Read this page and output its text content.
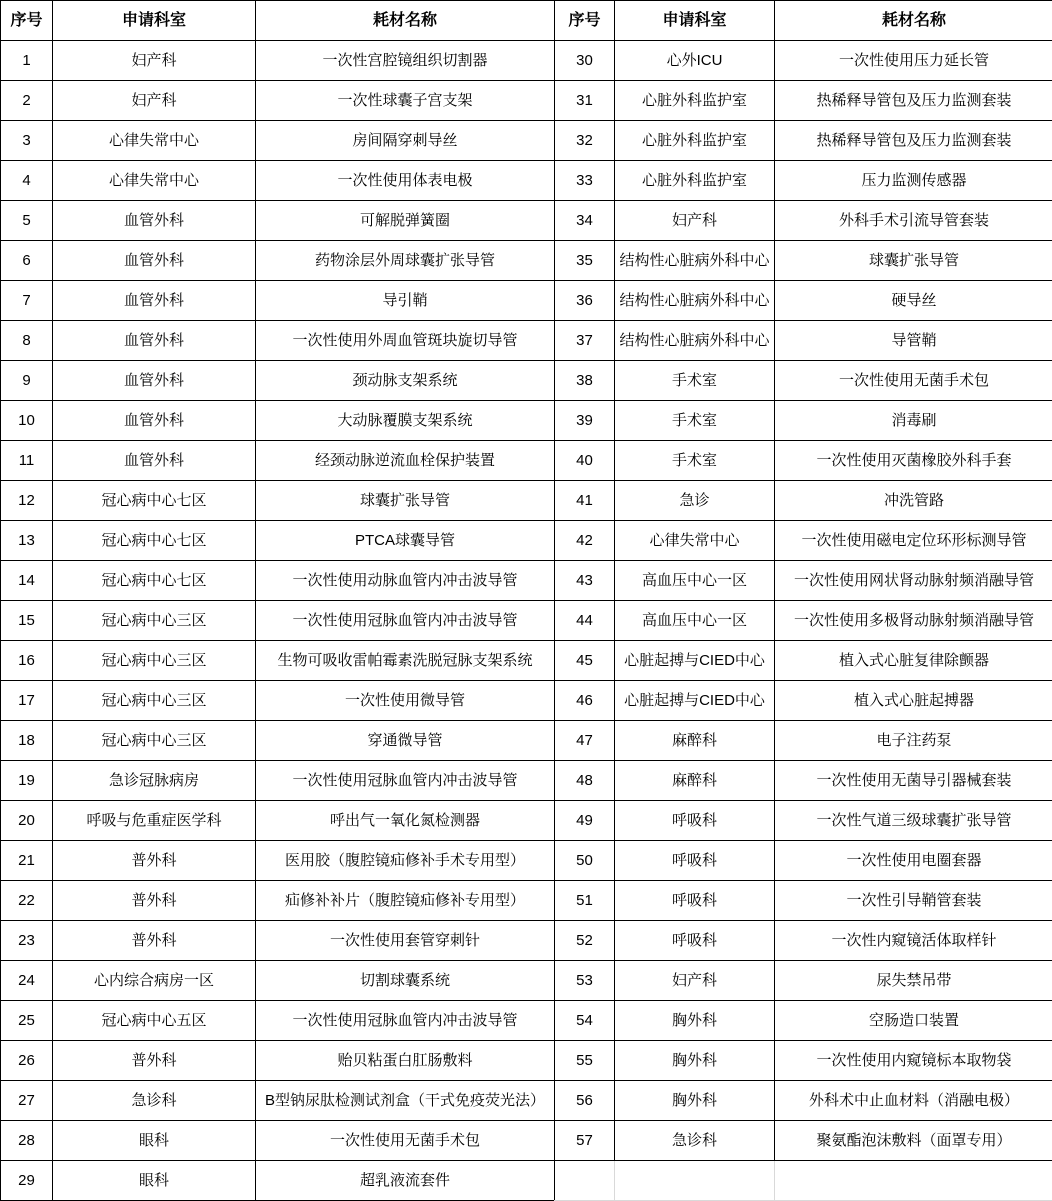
序号	申请科室	耗材名称
1	妇产科	一次性宫腔镜组织切割器
2	妇产科	一次性球囊子宫支架
3	心律失常中心	房间隔穿刺导丝
4	心律失常中心	一次性使用体表电极
5	血管外科	可解脱弹簧圈
6	血管外科	药物涂层外周球囊扩张导管
7	血管外科	导引鞘
8	血管外科	一次性使用外周血管斑块旋切导管
9	血管外科	颈动脉支架系统
10	血管外科	大动脉覆膜支架系统
11	血管外科	经颈动脉逆流血栓保护装置
12	冠心病中心七区	球囊扩张导管
13	冠心病中心七区	PTCA球囊导管
14	冠心病中心七区	一次性使用动脉血管内冲击波导管
15	冠心病中心三区	一次性使用冠脉血管内冲击波导管
16	冠心病中心三区	生物可吸收雷帕霉素洗脱冠脉支架系统
17	冠心病中心三区	一次性使用微导管
18	冠心病中心三区	穿通微导管
19	急诊冠脉病房	一次性使用冠脉血管内冲击波导管
20	呼吸与危重症医学科	呼出气一氧化氮检测器
21	普外科	医用胶（腹腔镜疝修补手术专用型）
22	普外科	疝修补补片（腹腔镜疝修补专用型）
23	普外科	一次性使用套管穿刺针
24	心内综合病房一区	切割球囊系统
25	冠心病中心五区	一次性使用冠脉血管内冲击波导管
26	普外科	贻贝粘蛋白肛肠敷料
27	急诊科	B型钠尿肽检测试剂盒（干式免疫荧光法）
28	眼科	一次性使用无菌手术包
29	眼科	超乳液流套件
序号	申请科室	耗材名称
30	心外ICU	一次性使用压力延长管
31	心脏外科监护室	热稀释导管包及压力监测套装
32	心脏外科监护室	热稀释导管包及压力监测套装
33	心脏外科监护室	压力监测传感器
34	妇产科	外科手术引流导管套装
35	结构性心脏病外科中心	球囊扩张导管
36	结构性心脏病外科中心	硬导丝
37	结构性心脏病外科中心	导管鞘
38	手术室	一次性使用无菌手术包
39	手术室	消毒刷
40	手术室	一次性使用灭菌橡胶外科手套
41	急诊	冲洗管路
42	心律失常中心	一次性使用磁电定位环形标测导管
43	高血压中心一区	一次性使用网状肾动脉射频消融导管
44	高血压中心一区	一次性使用多极肾动脉射频消融导管
45	心脏起搏与CIED中心	植入式心脏复律除颤器
46	心脏起搏与CIED中心	植入式心脏起搏器
47	麻醉科	电子注药泵
48	麻醉科	一次性使用无菌导引器械套装
49	呼吸科	一次性气道三级球囊扩张导管
50	呼吸科	一次性使用电圈套器
51	呼吸科	一次性引导鞘管套装
52	呼吸科	一次性内窥镜活体取样针
53	妇产科	尿失禁吊带
54	胸外科	空肠造口装置
55	胸外科	一次性使用内窥镜标本取物袋
56	胸外科	外科术中止血材料（消融电极）
57	急诊科	聚氨酯泡沫敷料（面罩专用）
